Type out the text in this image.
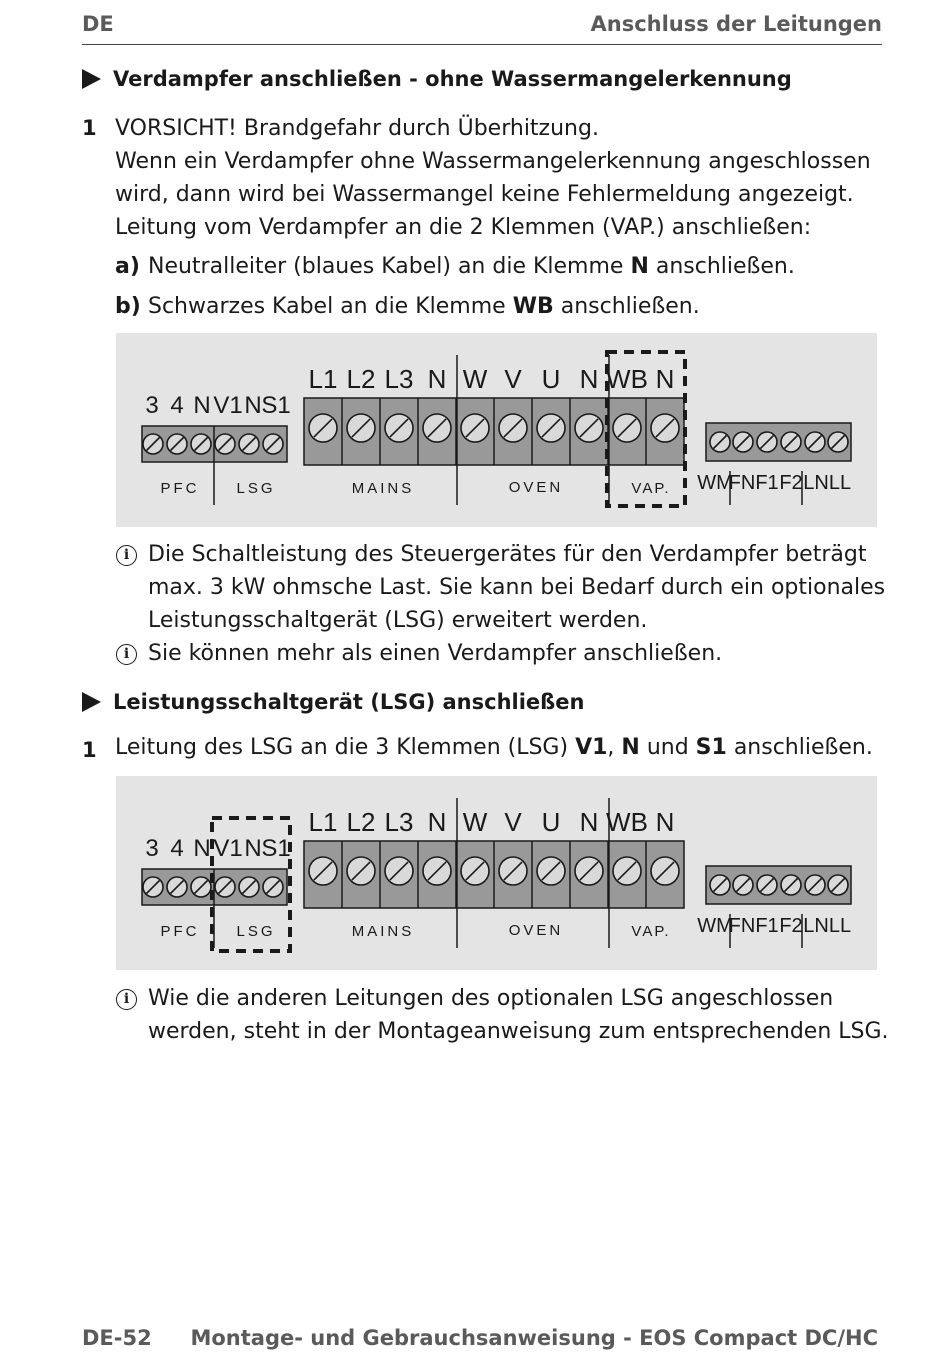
DE	Anschluss der Leitungen
Verdampfer anschließen - ohne Wassermangelerkennung
1 VORSICHT! Brandgefahr durch Überhitzung.
Wenn ein Verdampfer ohne Wassermangelerkennung angeschlossen
wird, dann wird bei Wassermangel keine Fehlermeldung angezeigt.
Leitung vom Verdampfer an die 2 Klemmen (VAP.) anschließen:
a) Neutralleiter (blaues Kabel) an die Klemme N anschließen.
b) Schwarzes Kabel an die Klemme WB anschließen.
3 4 N V1 N S1
PFC LSG
L1 L2 L3 N W V U N WB N
MAINS	OVEN	VAP. WM
FN F1 F2 LN LL
i Die Schaltleistung des Steuergerätes für den Verdampfer beträgt
max. 3 kW ohmsche Last. Sie kann bei Bedarf durch ein optionales
Leistungsschaltgerät (LSG) erweitert werden.
i Sie können mehr als einen Verdampfer anschließen.
Leistungsschaltgerät (LSG) anschließen
1 Leitung des LSG an die 3 Klemmen (LSG) V1, N und S1 anschließen.
3 4 N V1 N S1
PFC LSG
L1 L2 L3 N W V U N WB N
MAINS	OVEN	VAP. WM
FN F1 F2 LN LL
i Wie die anderen Leitungen des optionalen LSG angeschlossen
werden, steht in der Montageanweisung zum entsprechenden LSG.
DE-52 Montage- und Gebrauchsanweisung - EOS Compact DC/HC
